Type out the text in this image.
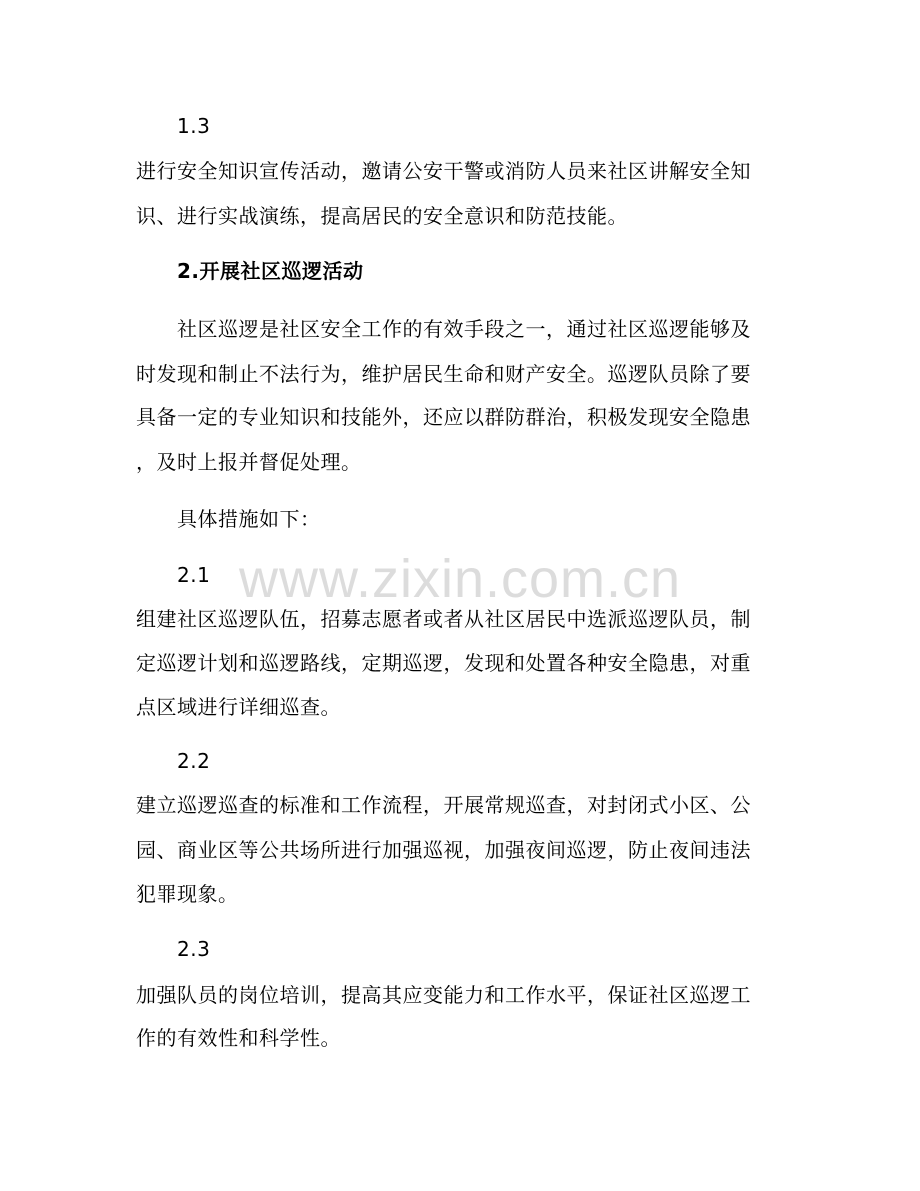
www.zixin.com.cn
1.3
进行安全知识宣传活动，邀请公安干警或消防人员来社区讲解安全知
识、进行实战演练，提高居民的安全意识和防范技能。
2.开展社区巡逻活动
社区巡逻是社区安全工作的有效手段之一，通过社区巡逻能够及
时发现和制止不法行为，维护居民生命和财产安全。巡逻队员除了要
具备一定的专业知识和技能外，还应以群防群治，积极发现安全隐患
，及时上报并督促处理。
具体措施如下：
2.1
组建社区巡逻队伍，招募志愿者或者从社区居民中选派巡逻队员，制
定巡逻计划和巡逻路线，定期巡逻，发现和处置各种安全隐患，对重
点区域进行详细巡查。
2.2
建立巡逻巡查的标准和工作流程，开展常规巡查，对封闭式小区、公
园、商业区等公共场所进行加强巡视，加强夜间巡逻，防止夜间违法
犯罪现象。
2.3
加强队员的岗位培训，提高其应变能力和工作水平，保证社区巡逻工
作的有效性和科学性。
